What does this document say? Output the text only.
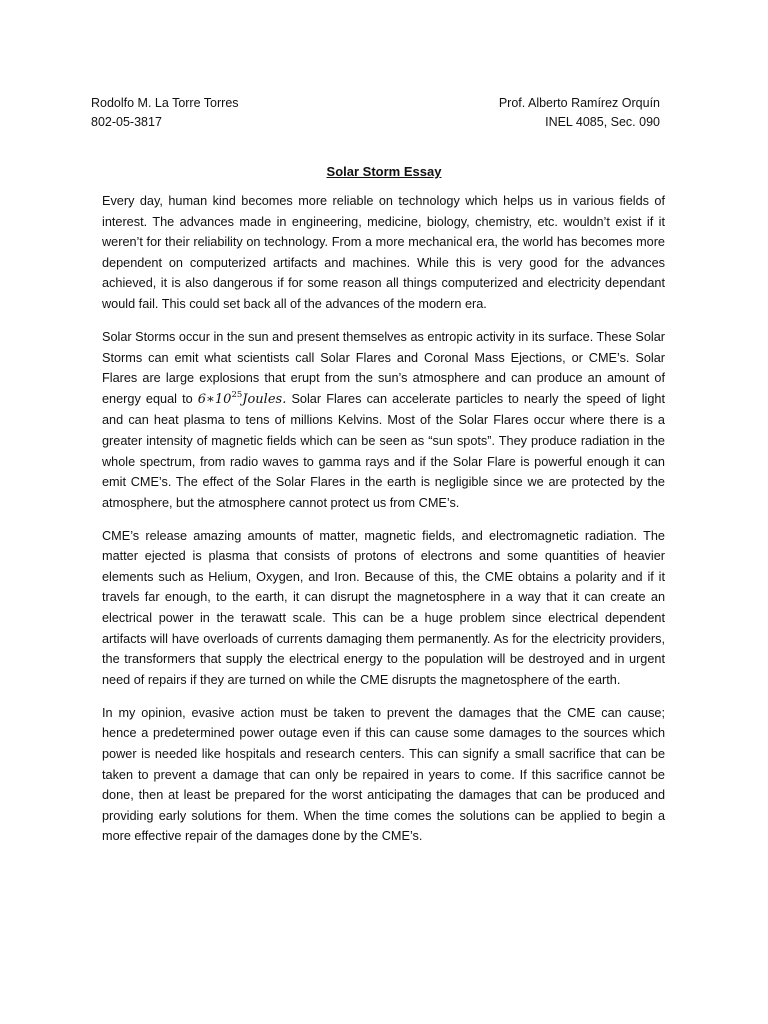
Rodolfo M. La Torre Torres
802-05-3817
Prof. Alberto Ramírez Orquín
INEL 4085, Sec. 090
Solar Storm Essay

Every day, human kind becomes more reliable on technology which helps us in various fields of interest. The advances made in engineering, medicine, biology, chemistry, etc. wouldn’t exist if it weren’t for their reliability on technology. From a more mechanical era, the world has becomes more dependent on computerized artifacts and machines. While this is very good for the advances achieved, it is also dangerous if for some reason all things computerized and electricity dependant would fail. This could set back all of the advances of the modern era.

Solar Storms occur in the sun and present themselves as entropic activity in its surface. These Solar Storms can emit what scientists call Solar Flares and Coronal Mass Ejections, or CME’s. Solar Flares are large explosions that erupt from the sun’s atmosphere and can produce an amount of energy equal to $6∗10^{25}Joules$. Solar Flares can accelerate particles to nearly the speed of light and can heat plasma to tens of millions Kelvins. Most of the Solar Flares occur where there is a greater intensity of magnetic fields which can be seen as “sun spots”. They produce radiation in the whole spectrum, from radio waves to gamma rays and if the Solar Flare is powerful enough it can emit CME’s. The effect of the Solar Flares in the earth is negligible since we are protected by the atmosphere, but the atmosphere cannot protect us from CME’s.

CME’s release amazing amounts of matter, magnetic fields, and electromagnetic radiation. The matter ejected is plasma that consists of protons of electrons and some quantities of heavier elements such as Helium, Oxygen, and Iron. Because of this, the CME obtains a polarity and if it travels far enough, to the earth, it can disrupt the magnetosphere in a way that it can create an electrical power in the terawatt scale. This can be a huge problem since electrical dependent artifacts will have overloads of currents damaging them permanently. As for the electricity providers, the transformers that supply the electrical energy to the population will be destroyed and in urgent need of repairs if they are turned on while the CME disrupts the magnetosphere of the earth.

In my opinion, evasive action must be taken to prevent the damages that the CME can cause; hence a predetermined power outage even if this can cause some damages to the sources which power is needed like hospitals and research centers. This can signify a small sacrifice that can be taken to prevent a damage that can only be repaired in years to come. If this sacrifice cannot be done, then at least be prepared for the worst anticipating the damages that can be produced and providing early solutions for them. When the time comes the solutions can be applied to begin a more effective repair of the damages done by the CME’s.
